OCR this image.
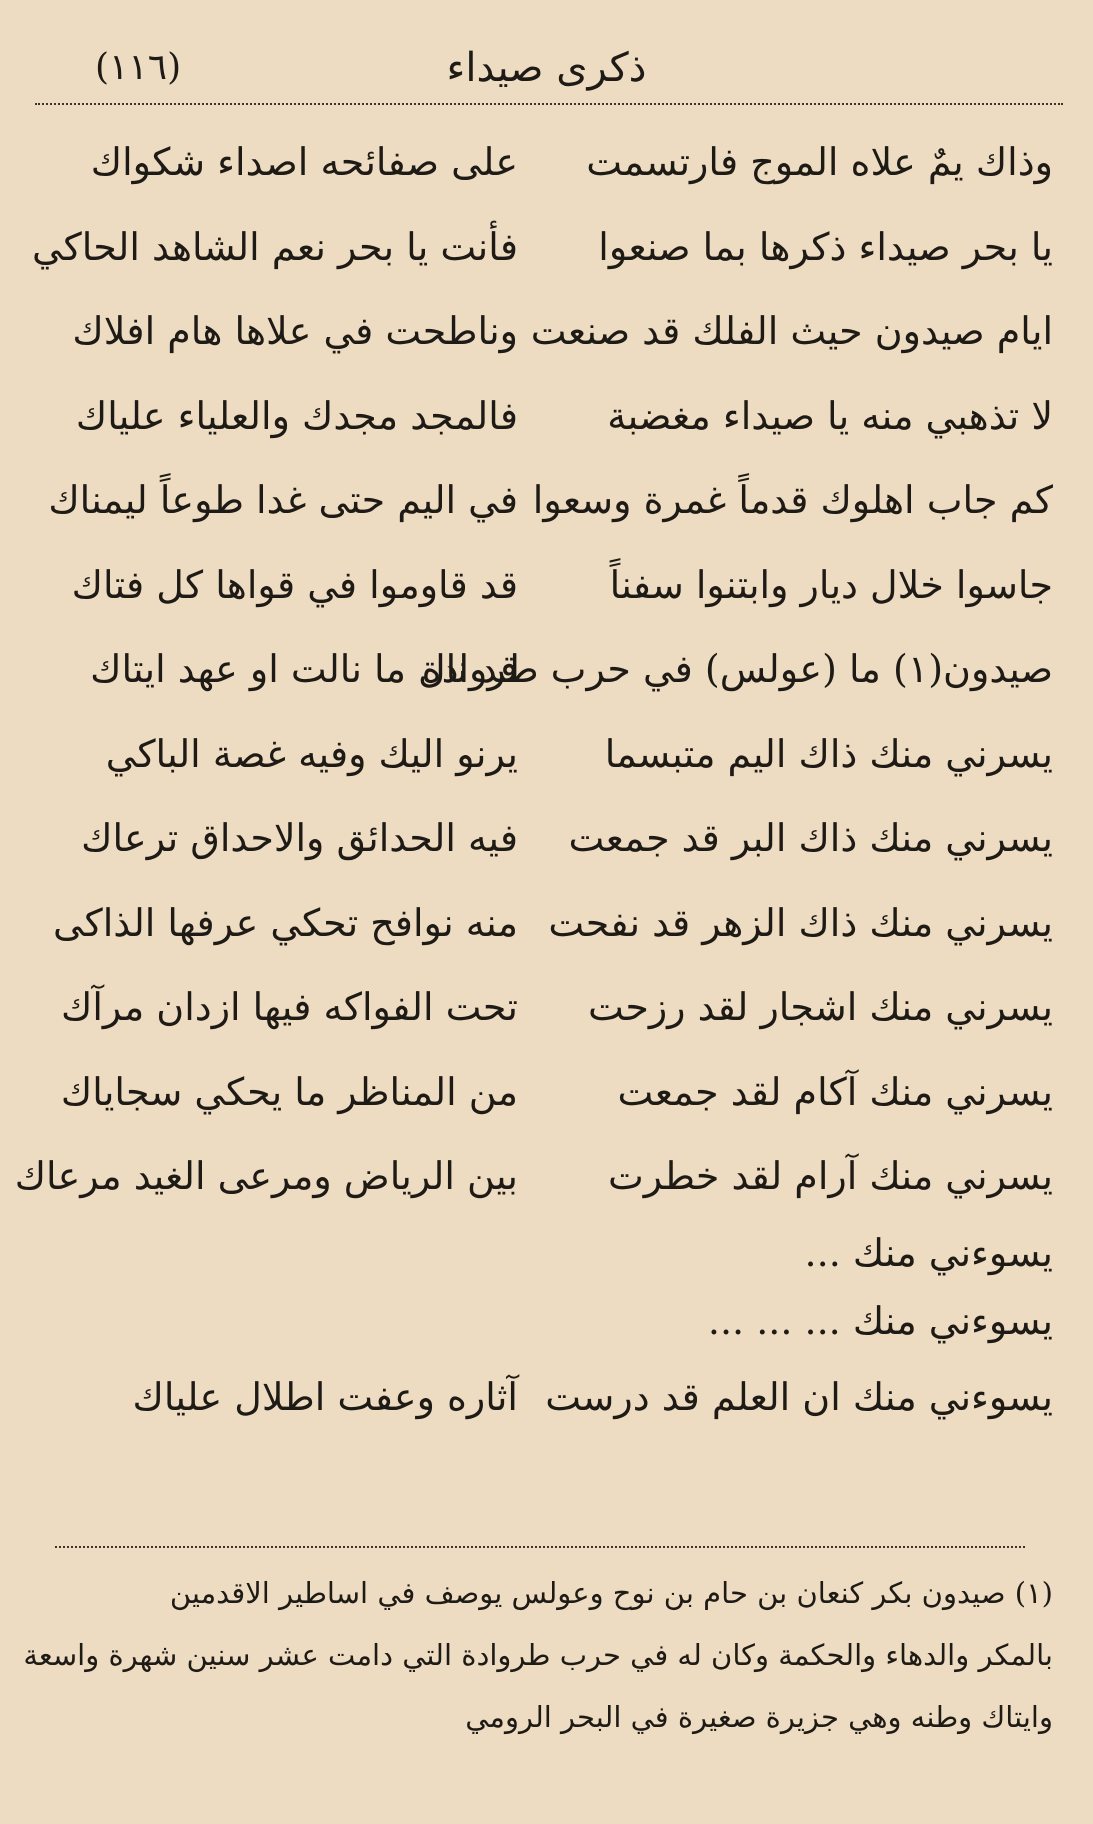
ذكرى صيداء
(١١٦)
وذاك يمٌ علاه الموج فارتسمت
على صفائحه اصداء شكواك
يا بحر صيداء ذكرها بما صنعوا
فأنت يا بحر نعم الشاهد الحاكي
ايام صيدون حيث الفلك قد صنعت
وناطحت في علاها هام افلاك
لا تذهبي منه يا صيداء مغضبة
فالمجد مجدك والعلياء علياك
كم جاب اهلوك قدماً غمرة وسعوا
في اليم حتى غدا طوعاً ليمناك
جاسوا خلال ديار وابتنوا سفناً
قد قاوموا في قواها كل فتاك
صيدون(١) ما (عولس) في حرب طروادة
قد نال ما نالت او عهد ايتاك
يسرني منك ذاك اليم متبسما
يرنو اليك وفيه غصة الباكي
يسرني منك ذاك البر قد جمعت
فيه الحدائق والاحداق ترعاك
يسرني منك ذاك الزهر قد نفحت
منه نوافح تحكي عرفها الذاكى
يسرني منك اشجار لقد رزحت
تحت الفواكه فيها ازدان مرآك
يسرني منك آكام لقد جمعت
من المناظر ما يحكي سجاياك
يسرني منك آرام لقد خطرت
بين الرياض ومرعى الغيد مرعاك
يسوءني منك ...
يسوءني منك ... ... ...
يسوءني منك ان العلم قد درست
آثاره وعفت اطلال علياك
(١) صيدون بكر كنعان بن حام بن نوح وعولس يوصف في اساطير الاقدمين
بالمكر والدهاء والحكمة وكان له في حرب طروادة التي دامت عشر سنين شهرة واسعة
وايتاك وطنه وهي جزيرة صغيرة في البحر الرومي
